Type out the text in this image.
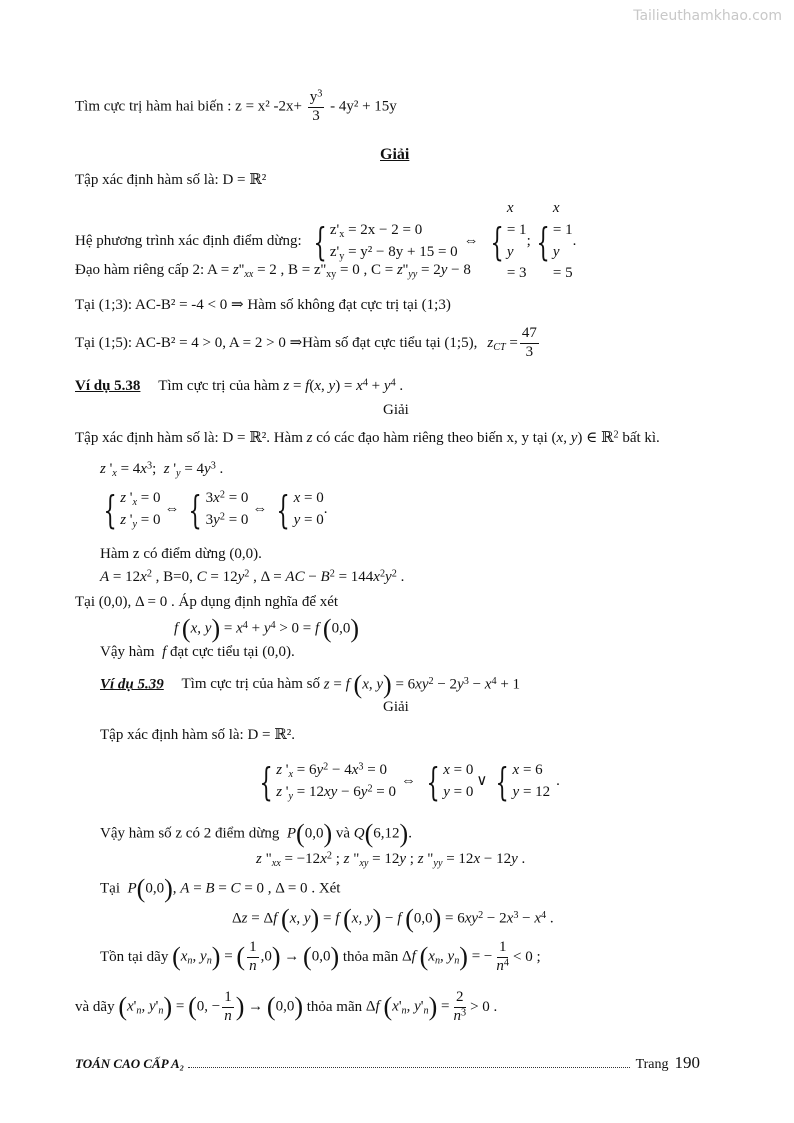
Tailieuthamkhao.com
Tìm cực trị hàm hai biến : z = x² $-2x+ \frac{y^3}{3} - 4y^2 + 15y$
Giải
Tập xác định hàm số là: D = ℝ²
Hệ phương trình xác định điểm dừng: { $z'_x = 2x - 2 = 0$
$z'_y = y^2 - 8y + 15 = 0$
⇔ {
x
= 1
y
= 3
; {
x
= 1
y
= 5
.
Đạo hàm riêng cấp 2: $A = z''_{xx} = 2$ , $B = z''_{xy} = 0$ , $C = z''_{yy} = 2y - 8$
Tại (1;3): AC-B² = -4 < 0 ⇒ Hàm số không đạt cực trị tại (1;3)
Tại (1;5): AC-B² = 4 > 0, A = 2 > 0 ⇒ Hàm số đạt cực tiểu tại (1;5), $z_{CT} = \frac{47}{3}$
Ví dụ 5.38 Tìm cực trị của hàm z = f(x, $y) = x^4 + y^4$ .
Giải
Tập xác định hàm số là: D = ℝ². Hàm z có các đạo hàm riêng theo biến x, y tại (x, y) ∈ ℝ$^2$ bất kì.
z '$_x = 4x^3$;  z '$_y = 4y^3$ .
{ z '$_x = 0$
z '$_y = 0$
⇔ { $3x^2 = 0$
$3y^2 = 0$
⇔ { x = 0
y = 0
.
Hàm z có điểm dừng (0,0).
$A = 12x^2$ , B=0, $C = 12y^2$ , Δ = AC − $B^2 = 144x^2y^2$ .
Tại (0,0), Δ = 0 . Áp dụng định nghĩa để xét
f (x, $y) = x^4 + y^4 > 0 = f$ (0,0)
Vậy hàm  f đạt cực tiểu tại (0,0).
Ví dụ 5.39 Tìm cực trị của hàm số z = f (x, $y) = 6xy^2 - 2y^3 - x^4 + 1$
Giải
Tập xác định hàm số là: D = ℝ².
{ z '$_x = 6y^2 - 4x^3 = 0$
z '$_y = 12xy - 6y^2 = 0$
⇔ { x = 0
y = 0
∨ { x = 6
y = 12
.
Vậy hàm số z có 2 điểm dừng  P(0,0) và Q(6,12).
z "$_{xx} = -12x^2$ ; z "$_{xy} = 12y$ ; z "$_{yy} = 12x - 12y$ .
Tại  P(0,0), A = B = C = 0 , Δ = 0 . Xét
Δz = Δf (x, y) = f (x, y) − f $(0,0) = 6xy^2 - 2x^3 - x^4$ .
Tồn tại dãy ($x_n$, $y_n$) = ( $\frac{1}{n} ,0) \to (0,0)$ thỏa mãn Δf ($x_n$, $y_n$) = − $\frac{1}{n^4} < 0$ ;
và dãy ($x'_n$, $y'_n) = (0$, − $\frac{1}{n}$ ) → (0,0) thỏa mãn Δf ($x'_n$, $y'_n) = \frac{2}{n^3} > 0$ .
TOÁN CAO CẤP A₂	Trang 190
